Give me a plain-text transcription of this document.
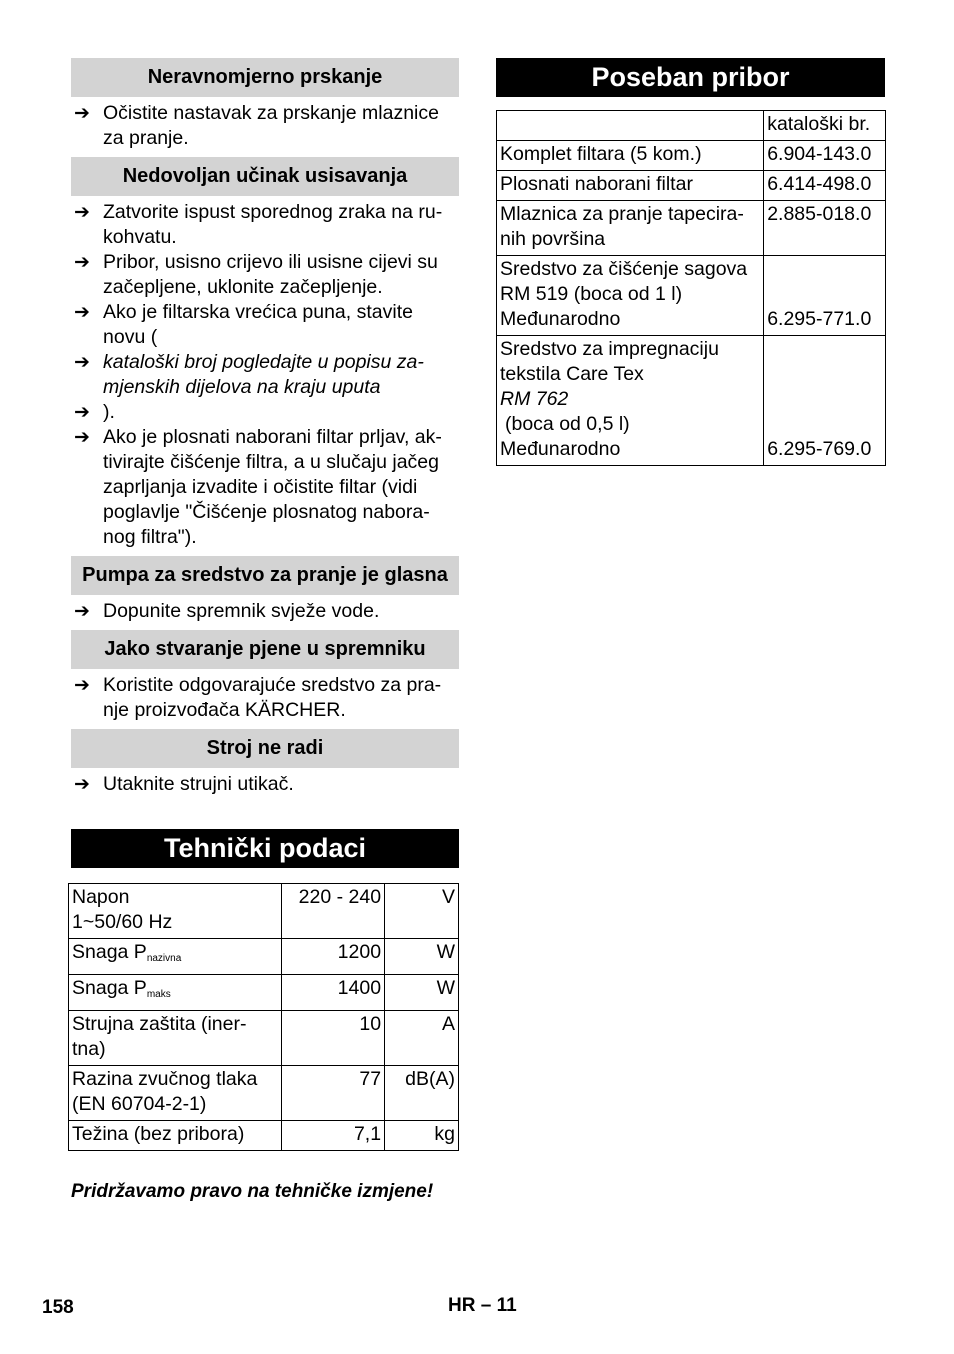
Neravnomjerno prskanje
➔ Očistite nastavak za prskanje mlaznice za pranje.
Nedovoljan učinak usisavanja
➔ Zatvorite ispust sporednog zraka na ru-kohvatu.
➔ Pribor, usisno crijevo ili usisne cijevi su začepljene, uklonite začepljenje.
➔ Ako je filtarska vrećica puna, stavite novu (
➔ kataloški broj pogledajte u popisu za-mjenskih dijelova na kraju uputa
➔ ).
➔ Ako je plosnati naborani filtar prljav, ak-tivirajte čišćenje filtra, a u slučaju jačeg zaprljanja izvadite i očistite filtar (vidi poglavlje "Čišćenje plosnatog nabora-nog filtra").
Pumpa za sredstvo za pranje je glasna
➔ Dopunite spremnik svježe vode.
Jako stvaranje pjene u spremniku
➔ Koristite odgovarajuće sredstvo za pra-nje proizvođača KÄRCHER.
Stroj ne radi
➔ Utaknite strujni utikač.
Tehnički podaci
Napon
1~50/60 Hz	220 - 240	V
Snaga $P_{nazivna}$	1200	W
Snaga $P_{maks}$	1400	W
Strujna zaštita (iner-tna)	10	A
Razina zvučnog tlaka (EN 60704-2-1)	77	dB(A)
Težina (bez pribora)	7,1	kg
Pridržavamo pravo na tehničke izmjene!
Poseban pribor
	kataloški br.

Komplet filtara (5 kom.)	6.904-143.0

Plosnati naborani filtar	6.414-498.0

Mlaznica za pranje tapecira-nih površina	2.885-018.0

Sredstvo za čišćenje sagova
RM 519 (boca od 1 l)
Međunarodno	6.295-771.0

Sredstvo za impregnaciju
tekstila Care Tex
RM 762
(boca od 0,5 l)
Međunarodno	6.295-769.0
158	HR – 11
